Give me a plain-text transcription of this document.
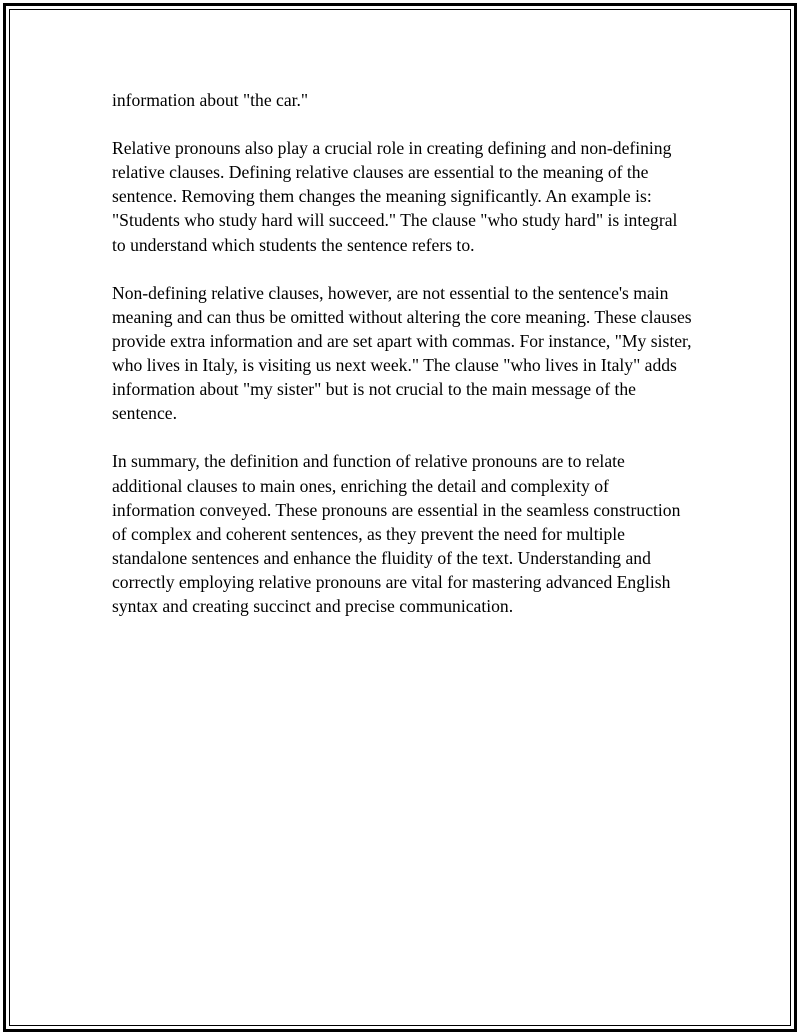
information about "the car."

Relative pronouns also play a crucial role in creating defining and non-defining relative clauses. Defining relative clauses are essential to the meaning of the sentence. Removing them changes the meaning significantly. An example is: "Students who study hard will succeed." The clause "who study hard" is integral to understand which students the sentence refers to.

Non-defining relative clauses, however, are not essential to the sentence's main meaning and can thus be omitted without altering the core meaning. These clauses provide extra information and are set apart with commas. For instance, "My sister, who lives in Italy, is visiting us next week." The clause "who lives in Italy" adds information about "my sister" but is not crucial to the main message of the sentence.

In summary, the definition and function of relative pronouns are to relate additional clauses to main ones, enriching the detail and complexity of information conveyed. These pronouns are essential in the seamless construction of complex and coherent sentences, as they prevent the need for multiple standalone sentences and enhance the fluidity of the text. Understanding and correctly employing relative pronouns are vital for mastering advanced English syntax and creating succinct and precise communication.
